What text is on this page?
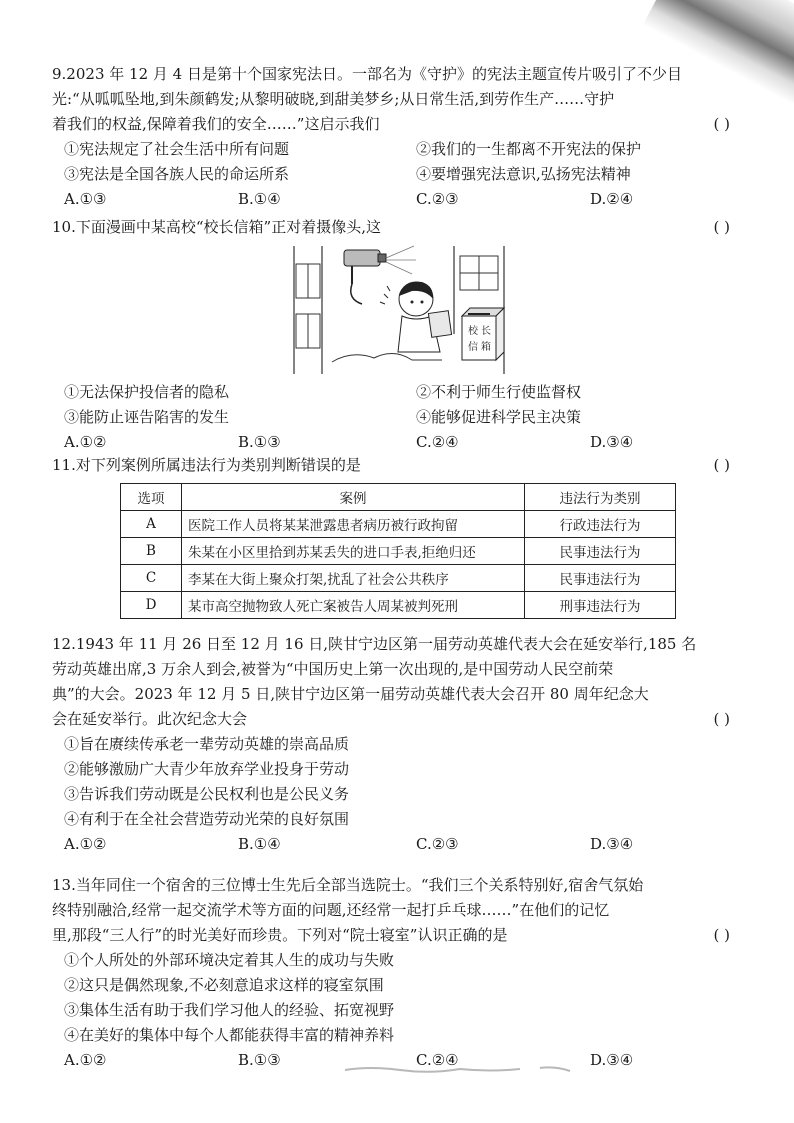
9.2023 年 12 月 4 日是第十个国家宪法日。一部名为《守护》的宪法主题宣传片吸引了不少目
光:“从呱呱坠地,到朱颜鹤发;从黎明破晓,到甜美梦乡;从日常生活,到劳作生产……守护
着我们的权益,保障着我们的安全……”这启示我们	( )
①宪法规定了社会生活中所有问题	②我们的一生都离不开宪法的保护
③宪法是全国各族人民的命运所系	④要增强宪法意识,弘扬宪法精神
A.①③	B.①④	C.②③	D.②④
10.下面漫画中某高校“校长信箱”正对着摄像头,这	( )
校 长
信 箱
①无法保护投信者的隐私	②不利于师生行使监督权
③能防止诬告陷害的发生	④能够促进科学民主决策
A.①②	B.①③	C.②④	D.③④
11.对下列案例所属违法行为类别判断错误的是	( )
选项	案例	违法行为类别
A	医院工作人员将某某泄露患者病历被行政拘留	行政违法行为
B	朱某在小区里拾到苏某丢失的进口手表,拒绝归还	民事违法行为
C	李某在大街上聚众打架,扰乱了社会公共秩序	民事违法行为
D	某市高空抛物致人死亡案被告人周某被判死刑	刑事违法行为
12.1943 年 11 月 26 日至 12 月 16 日,陕甘宁边区第一届劳动英雄代表大会在延安举行,185 名
劳动英雄出席,3 万余人到会,被誉为“中国历史上第一次出现的,是中国劳动人民空前荣
典”的大会。2023 年 12 月 5 日,陕甘宁边区第一届劳动英雄代表大会召开 80 周年纪念大
会在延安举行。此次纪念大会	( )
①旨在赓续传承老一辈劳动英雄的崇高品质
②能够激励广大青少年放弃学业投身于劳动
③告诉我们劳动既是公民权利也是公民义务
④有利于在全社会营造劳动光荣的良好氛围
A.①②	B.①④	C.②③	D.③④
13.当年同住一个宿舍的三位博士生先后全部当选院士。“我们三个关系特别好,宿舍气氛始
终特别融洽,经常一起交流学术等方面的问题,还经常一起打乒乓球……”在他们的记忆
里,那段“三人行”的时光美好而珍贵。下列对“院士寝室”认识正确的是	( )
①个人所处的外部环境决定着其人生的成功与失败
②这只是偶然现象,不必刻意追求这样的寝室氛围
③集体生活有助于我们学习他人的经验、拓宽视野
④在美好的集体中每个人都能获得丰富的精神养料
A.①②	B.①③	C.②④	D.③④
